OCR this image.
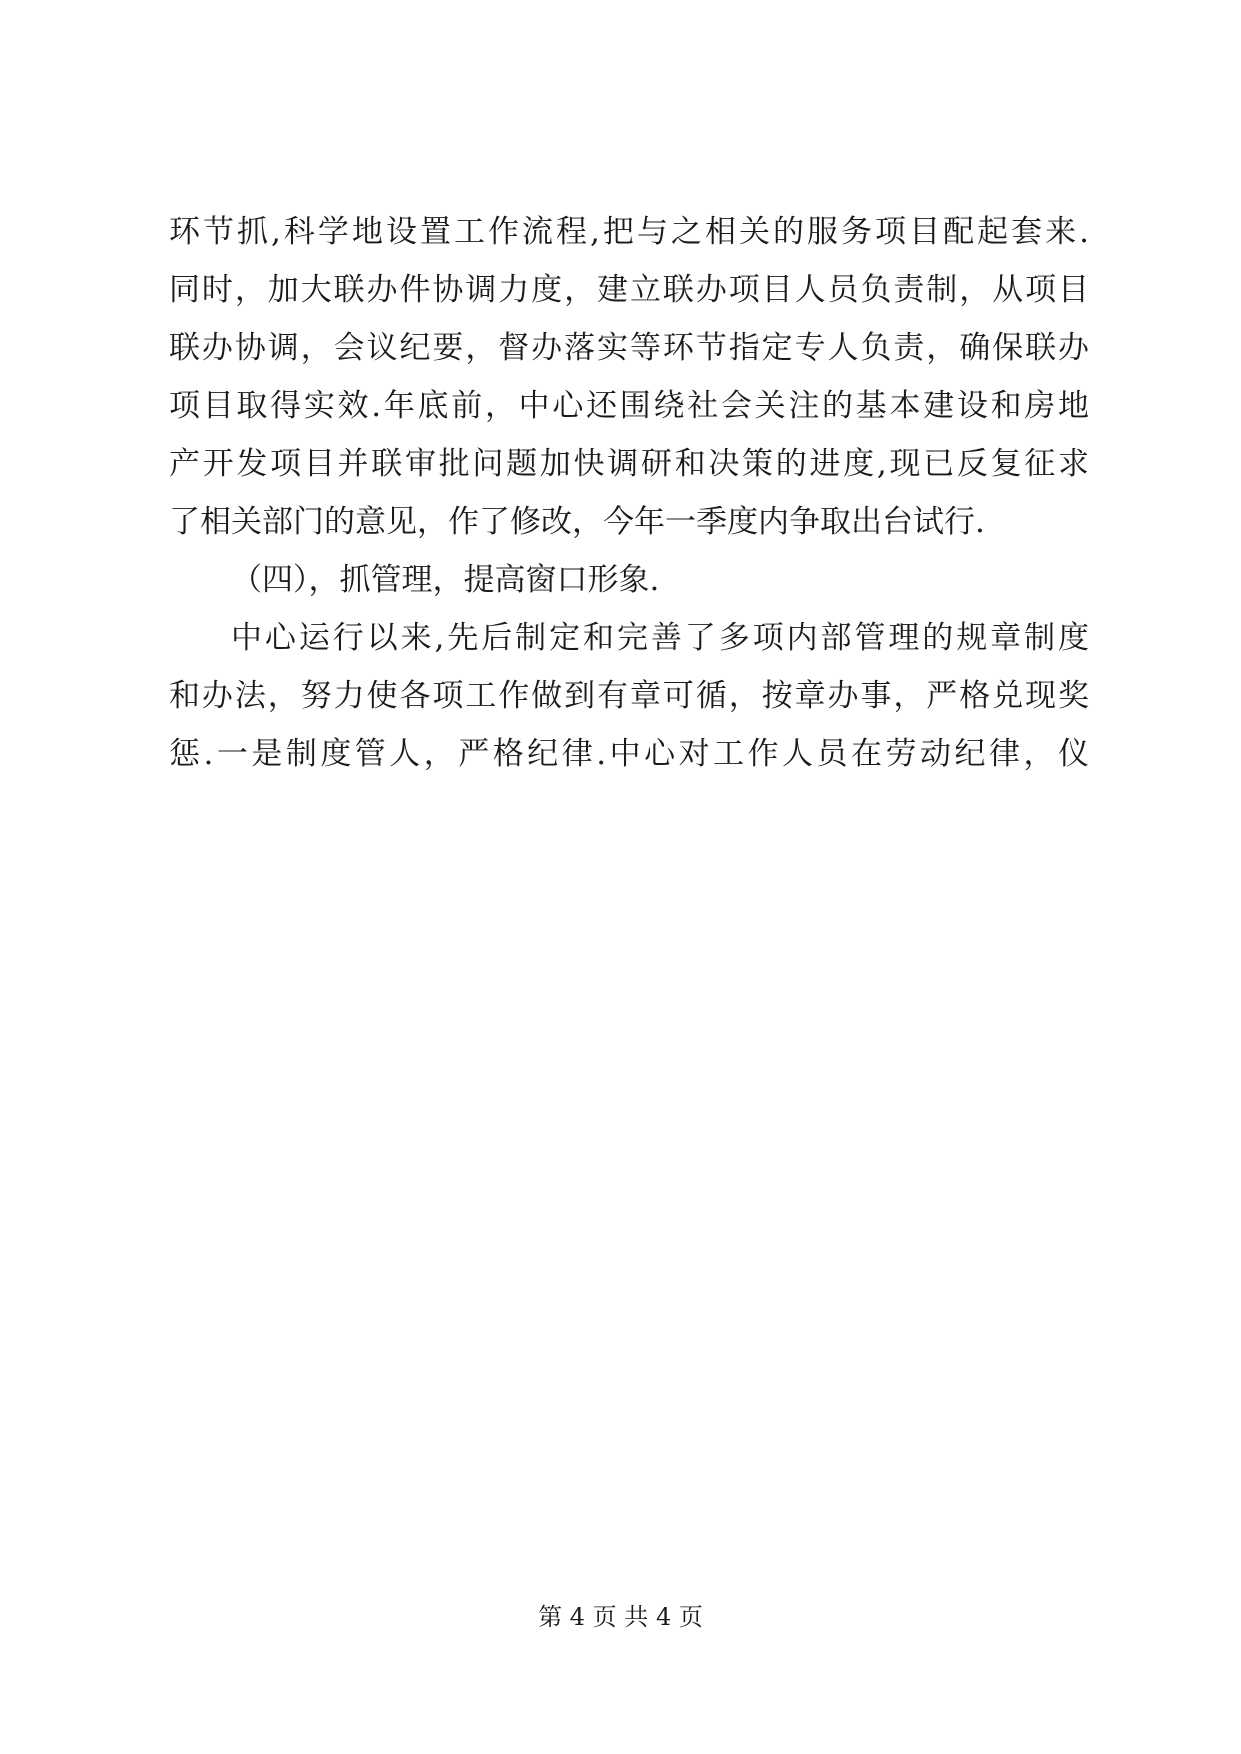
环节抓,科学地设置工作流程,把与之相关的服务项目配起套来.
同时，加大联办件协调力度，建立联办项目人员负责制，从项目
联办协调，会议纪要，督办落实等环节指定专人负责，确保联办
项目取得实效.年底前，中心还围绕社会关注的基本建设和房地
产开发项目并联审批问题加快调研和决策的进度,现已反复征求
了相关部门的意见，作了修改，今年一季度内争取出台试行.
（四），抓管理，提高窗口形象.
中心运行以来,先后制定和完善了多项内部管理的规章制度
和办法，努力使各项工作做到有章可循，按章办事，严格兑现奖
惩.一是制度管人，严格纪律.中心对工作人员在劳动纪律，仪
第 4 页 共 4 页
